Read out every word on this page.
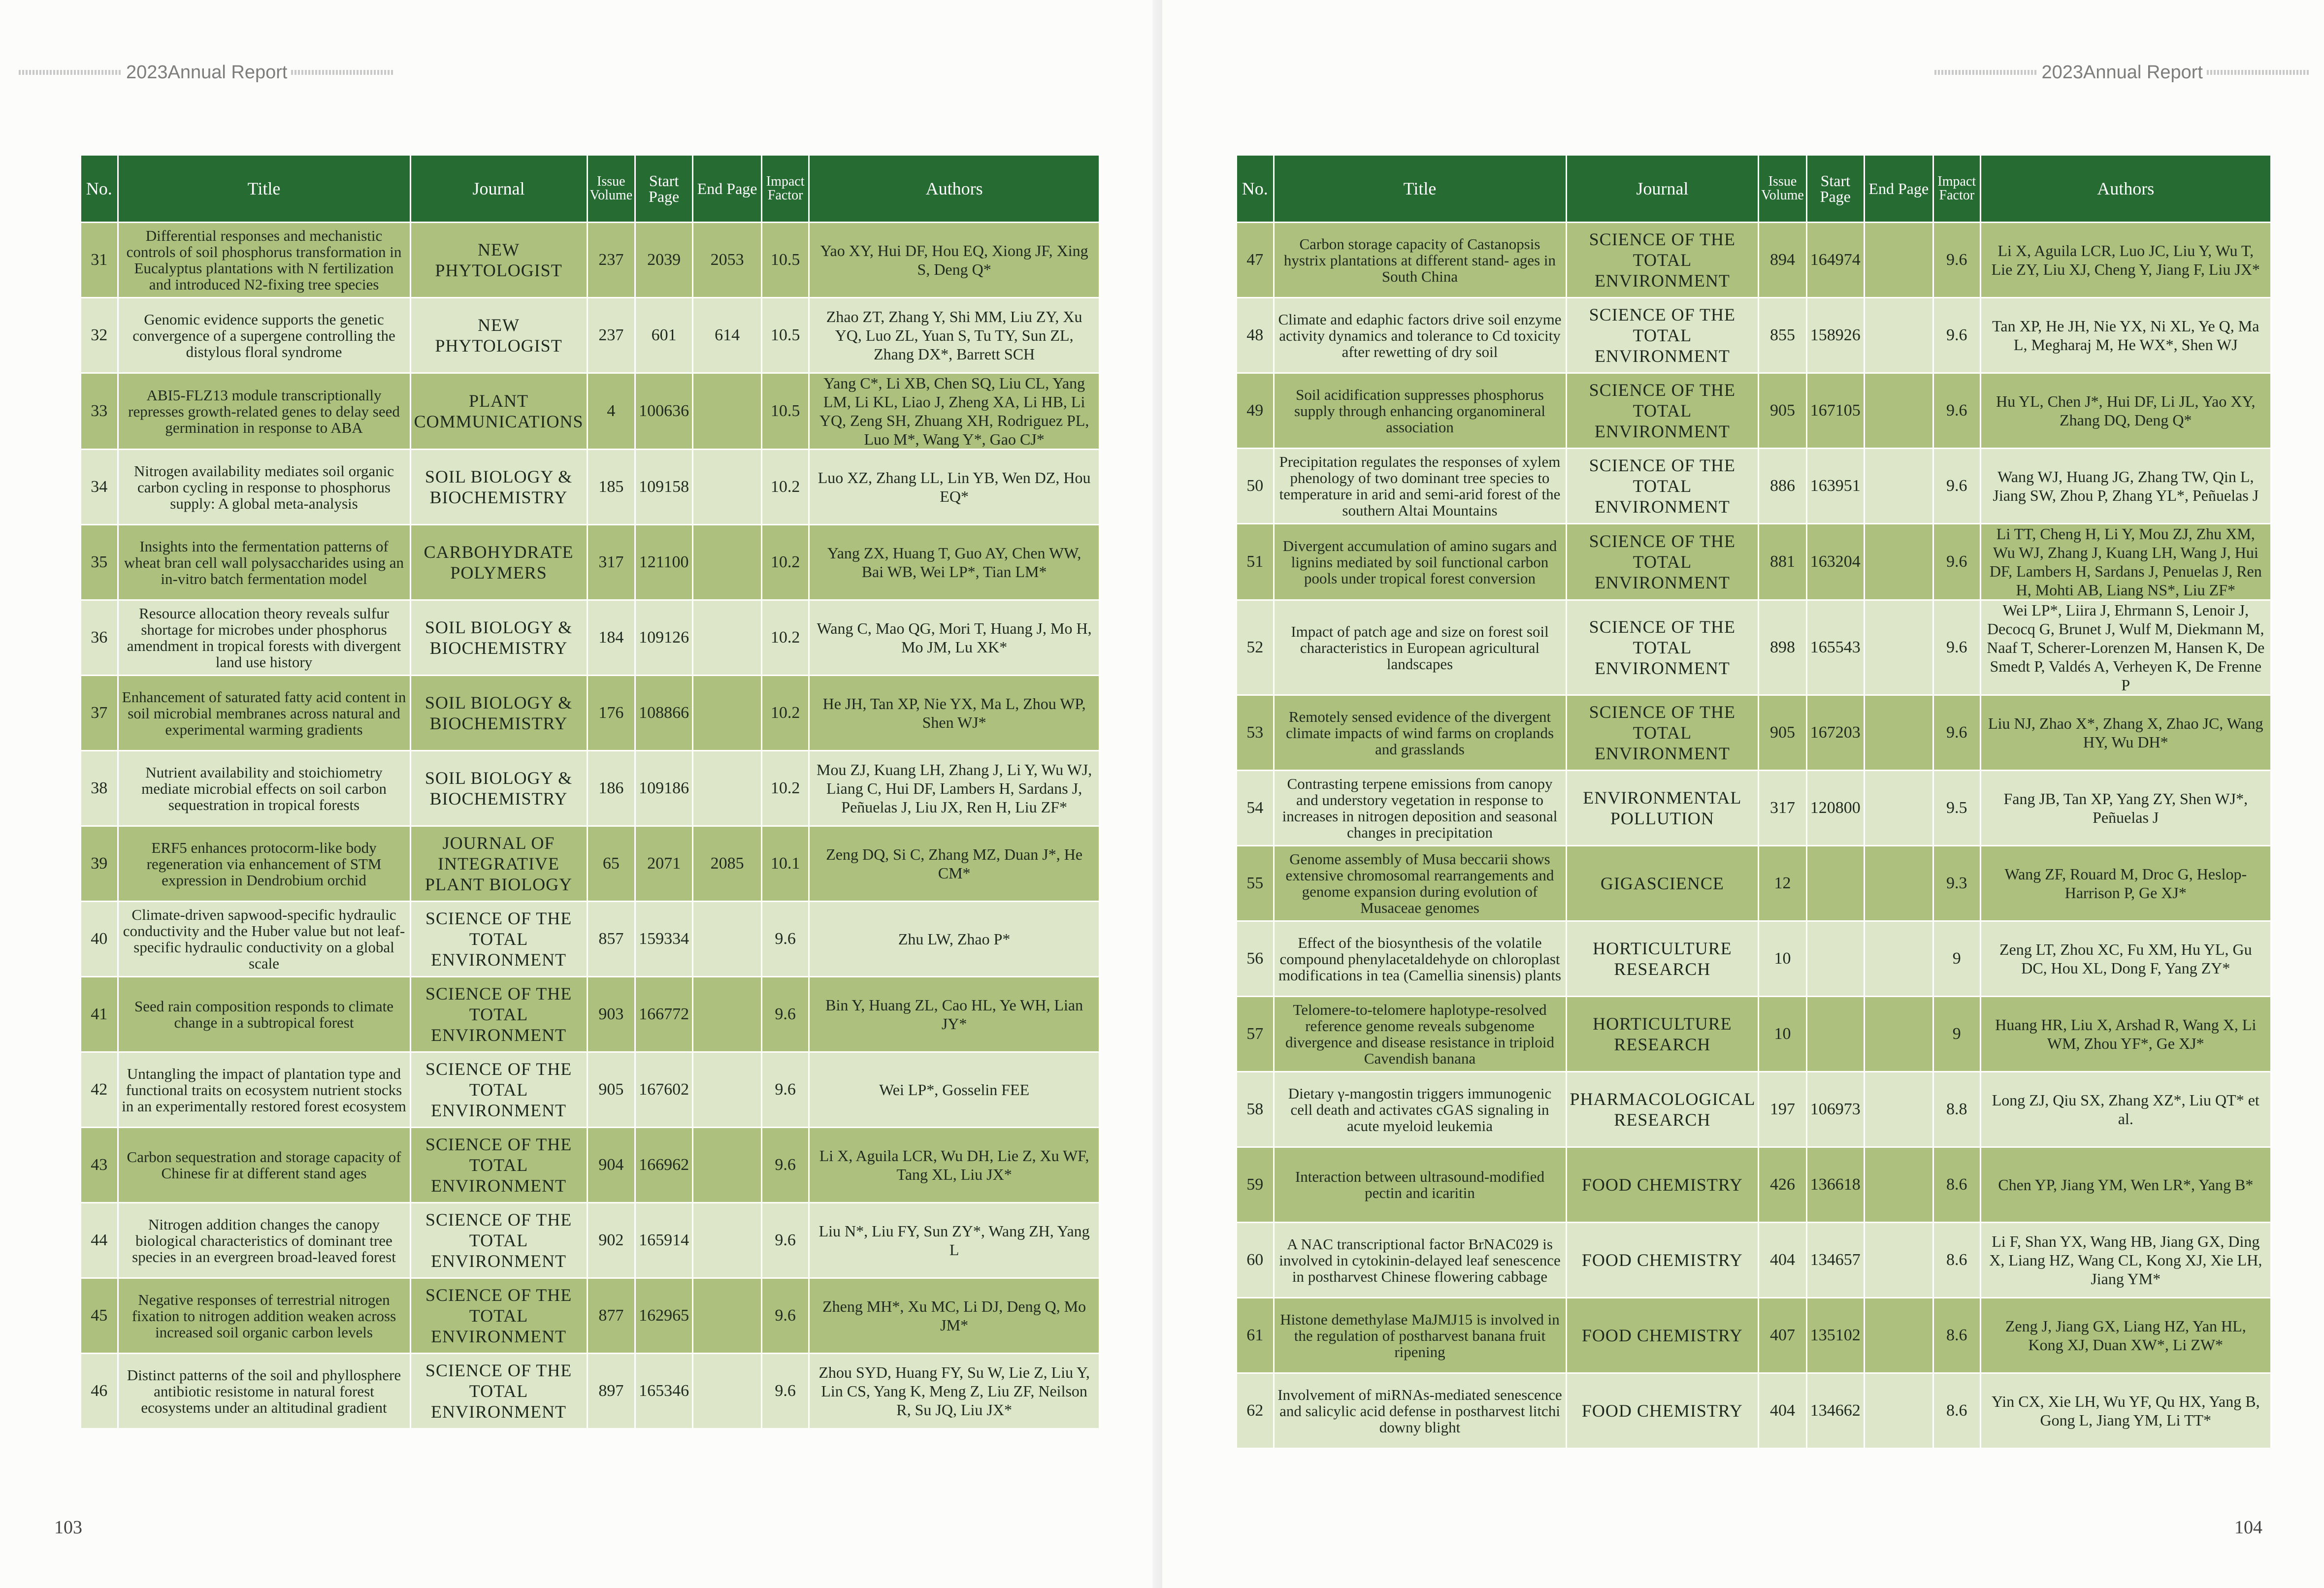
2023Annual Report
No.	Title	Journal	Issue Volume	Start Page	End Page	Impact Factor	Authors
31	Differential responses and mechanistic controls of soil phosphorus transformation in Eucalyptus plantations with N fertilization and introduced N2-fixing tree species	NEW PHYTOLOGIST	237	2039	2053	10.5	Yao XY, Hui DF, Hou EQ, Xiong JF, Xing S, Deng Q*
32	Genomic evidence supports the genetic convergence of a supergene controlling the distylous floral syndrome	NEW PHYTOLOGIST	237	601	614	10.5	Zhao ZT, Zhang Y, Shi MM, Liu ZY, Xu YQ, Luo ZL, Yuan S, Tu TY, Sun ZL, Zhang DX*, Barrett SCH
33	ABI5-FLZ13 module transcriptionally represses growth-related genes to delay seed germination in response to ABA	PLANT COMMUNICATIONS	4	100636		10.5	Yang C*, Li XB, Chen SQ, Liu CL, Yang LM, Li KL, Liao J, Zheng XA, Li HB, Li YQ, Zeng SH, Zhuang XH, Rodriguez PL, Luo M*, Wang Y*, Gao CJ*
34	Nitrogen availability mediates soil organic carbon cycling in response to phosphorus supply: A global meta-analysis	SOIL BIOLOGY & BIOCHEMISTRY	185	109158		10.2	Luo XZ, Zhang LL, Lin YB, Wen DZ, Hou EQ*
35	Insights into the fermentation patterns of wheat bran cell wall polysaccharides using an in-vitro batch fermentation model	CARBOHYDRATE POLYMERS	317	121100		10.2	Yang ZX, Huang T, Guo AY, Chen WW, Bai WB, Wei LP*, Tian LM*
36	Resource allocation theory reveals sulfur shortage for microbes under phosphorus amendment in tropical forests with divergent land use history	SOIL BIOLOGY & BIOCHEMISTRY	184	109126		10.2	Wang C, Mao QG, Mori T, Huang J, Mo H, Mo JM, Lu XK*
37	Enhancement of saturated fatty acid content in soil microbial membranes across natural and experimental warming gradients	SOIL BIOLOGY & BIOCHEMISTRY	176	108866		10.2	He JH, Tan XP, Nie YX, Ma L, Zhou WP, Shen WJ*
38	Nutrient availability and stoichiometry mediate microbial effects on soil carbon sequestration in tropical forests	SOIL BIOLOGY & BIOCHEMISTRY	186	109186		10.2	Mou ZJ, Kuang LH, Zhang J, Li Y, Wu WJ, Liang C, Hui DF, Lambers H, Sardans J, Peñuelas J, Liu JX, Ren H, Liu ZF*
39	ERF5 enhances protocorm-like body regeneration via enhancement of STM expression in Dendrobium orchid	JOURNAL OF INTEGRATIVE PLANT BIOLOGY	65	2071	2085	10.1	Zeng DQ, Si C, Zhang MZ, Duan J*, He CM*
40	Climate-driven sapwood-specific hydraulic conductivity and the Huber value but not leaf-specific hydraulic conductivity on a global scale	SCIENCE OF THE TOTAL ENVIRONMENT	857	159334		9.6	Zhu LW, Zhao P*
41	Seed rain composition responds to climate change in a subtropical forest	SCIENCE OF THE TOTAL ENVIRONMENT	903	166772		9.6	Bin Y, Huang ZL, Cao HL, Ye WH, Lian JY*
42	Untangling the impact of plantation type and functional traits on ecosystem nutrient stocks in an experimentally restored forest ecosystem	SCIENCE OF THE TOTAL ENVIRONMENT	905	167602		9.6	Wei LP*, Gosselin FEE
43	Carbon sequestration and storage capacity of Chinese fir at different stand ages	SCIENCE OF THE TOTAL ENVIRONMENT	904	166962		9.6	Li X, Aguila LCR, Wu DH, Lie Z, Xu WF, Tang XL, Liu JX*
44	Nitrogen addition changes the canopy biological characteristics of dominant tree species in an evergreen broad-leaved forest	SCIENCE OF THE TOTAL ENVIRONMENT	902	165914		9.6	Liu N*, Liu FY, Sun ZY*, Wang ZH, Yang L
45	Negative responses of terrestrial nitrogen fixation to nitrogen addition weaken across increased soil organic carbon levels	SCIENCE OF THE TOTAL ENVIRONMENT	877	162965		9.6	Zheng MH*, Xu MC, Li DJ, Deng Q, Mo JM*
46	Distinct patterns of the soil and phyllosphere antibiotic resistome in natural forest ecosystems under an altitudinal gradient	SCIENCE OF THE TOTAL ENVIRONMENT	897	165346		9.6	Zhou SYD, Huang FY, Su W, Lie Z, Liu Y, Lin CS, Yang K, Meng Z, Liu ZF, Neilson R, Su JQ, Liu JX*
103
2023Annual Report
No.	Title	Journal	Issue Volume	Start Page	End Page	Impact Factor	Authors
47	Carbon storage capacity of Castanopsis hystrix plantations at different stand- ages in South China	SCIENCE OF THE TOTAL ENVIRONMENT	894	164974		9.6	Li X, Aguila LCR, Luo JC, Liu Y, Wu T, Lie ZY, Liu XJ, Cheng Y, Jiang F, Liu JX*
48	Climate and edaphic factors drive soil enzyme activity dynamics and tolerance to Cd toxicity after rewetting of dry soil	SCIENCE OF THE TOTAL ENVIRONMENT	855	158926		9.6	Tan XP, He JH, Nie YX, Ni XL, Ye Q, Ma L, Megharaj M, He WX*, Shen WJ
49	Soil acidification suppresses phosphorus supply through enhancing organomineral association	SCIENCE OF THE TOTAL ENVIRONMENT	905	167105		9.6	Hu YL, Chen J*, Hui DF, Li JL, Yao XY, Zhang DQ, Deng Q*
50	Precipitation regulates the responses of xylem phenology of two dominant tree species to temperature in arid and semi-arid forest of the southern Altai Mountains	SCIENCE OF THE TOTAL ENVIRONMENT	886	163951		9.6	Wang WJ, Huang JG, Zhang TW, Qin L, Jiang SW, Zhou P, Zhang YL*, Peñuelas J
51	Divergent accumulation of amino sugars and lignins mediated by soil functional carbon pools under tropical forest conversion	SCIENCE OF THE TOTAL ENVIRONMENT	881	163204		9.6	Li TT, Cheng H, Li Y, Mou ZJ, Zhu XM, Wu WJ, Zhang J, Kuang LH, Wang J, Hui DF, Lambers H, Sardans J, Penuelas J, Ren H, Mohti AB, Liang NS*, Liu ZF*
52	Impact of patch age and size on forest soil characteristics in European agricultural landscapes	SCIENCE OF THE TOTAL ENVIRONMENT	898	165543		9.6	Wei LP*, Liira J, Ehrmann S, Lenoir J, Decocq G, Brunet J, Wulf M, Diekmann M, Naaf T, Scherer-Lorenzen M, Hansen K, De Smedt P, Valdés A, Verheyen K, De Frenne P
53	Remotely sensed evidence of the divergent climate impacts of wind farms on croplands and grasslands	SCIENCE OF THE TOTAL ENVIRONMENT	905	167203		9.6	Liu NJ, Zhao X*, Zhang X, Zhao JC, Wang HY, Wu DH*
54	Contrasting terpene emissions from canopy and understory vegetation in response to increases in nitrogen deposition and seasonal changes in precipitation	ENVIRONMENTAL POLLUTION	317	120800		9.5	Fang JB, Tan XP, Yang ZY, Shen WJ*, Peñuelas J
55	Genome assembly of Musa beccarii shows extensive chromosomal rearrangements and genome expansion during evolution of Musaceae genomes	GIGASCIENCE	12			9.3	Wang ZF, Rouard M, Droc G, Heslop-Harrison P, Ge XJ*
56	Effect of the biosynthesis of the volatile compound phenylacetaldehyde on chloroplast modifications in tea (Camellia sinensis) plants	HORTICULTURE RESEARCH	10			9	Zeng LT, Zhou XC, Fu XM, Hu YL, Gu DC, Hou XL, Dong F, Yang ZY*
57	Telomere-to-telomere haplotype-resolved reference genome reveals subgenome divergence and disease resistance in triploid Cavendish banana	HORTICULTURE RESEARCH	10			9	Huang HR, Liu X, Arshad R, Wang X, Li WM, Zhou YF*, Ge XJ*
58	Dietary γ-mangostin triggers immunogenic cell death and activates cGAS signaling in acute myeloid leukemia	PHARMACOLOGICAL RESEARCH	197	106973		8.8	Long ZJ, Qiu SX, Zhang XZ*, Liu QT* et al.
59	Interaction between ultrasound-modified pectin and icaritin	FOOD CHEMISTRY	426	136618		8.6	Chen YP, Jiang YM, Wen LR*, Yang B*
60	A NAC transcriptional factor BrNAC029 is involved in cytokinin-delayed leaf senescence in postharvest Chinese flowering cabbage	FOOD CHEMISTRY	404	134657		8.6	Li F, Shan YX, Wang HB, Jiang GX, Ding X, Liang HZ, Wang CL, Kong XJ, Xie LH, Jiang YM*
61	Histone demethylase MaJMJ15 is involved in the regulation of postharvest banana fruit ripening	FOOD CHEMISTRY	407	135102		8.6	Zeng J, Jiang GX, Liang HZ, Yan HL, Kong XJ, Duan XW*, Li ZW*
62	Involvement of miRNAs-mediated senescence and salicylic acid defense in postharvest litchi downy blight	FOOD CHEMISTRY	404	134662		8.6	Yin CX, Xie LH, Wu YF, Qu HX, Yang B, Gong L, Jiang YM, Li TT*
104
